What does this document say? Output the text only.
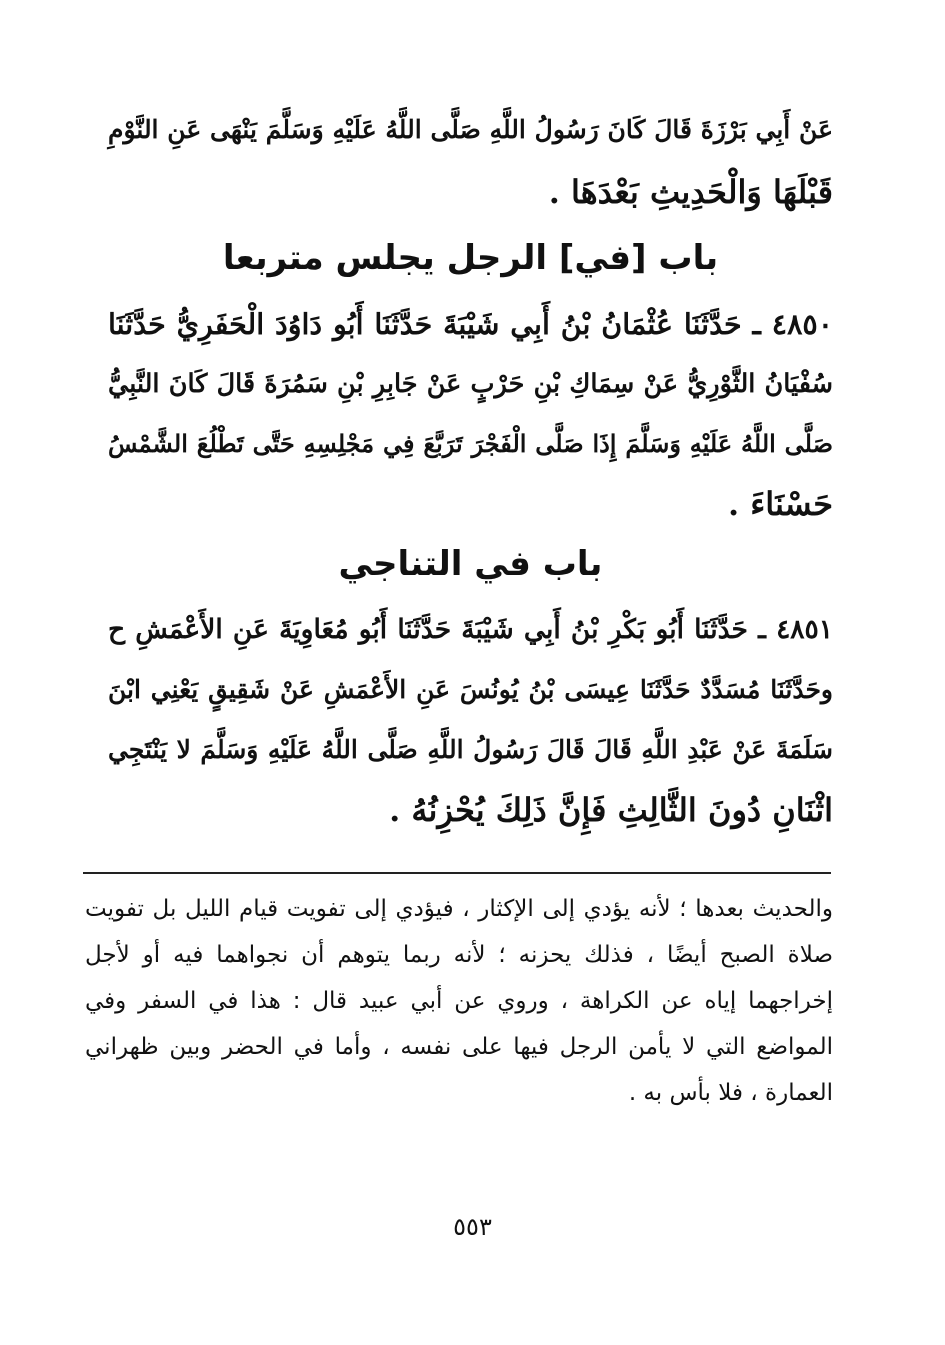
عَنْ أَبِي بَرْزَةَ قَالَ كَانَ رَسُولُ اللَّهِ صَلَّى اللَّهُ عَلَيْهِ وَسَلَّمَ يَنْهَى عَنِ النَّوْمِ
قَبْلَهَا وَالْحَدِيثِ بَعْدَهَا .
باب [في] الرجل يجلس متربعا
٤٨٥٠ ـ حَدَّثَنَا عُثْمَانُ بْنُ أَبِي شَيْبَةَ حَدَّثَنَا أَبُو دَاوُدَ الْحَفَرِيُّ حَدَّثَنَا
سُفْيَانُ الثَّوْرِيُّ عَنْ سِمَاكِ بْنِ حَرْبٍ عَنْ جَابِرِ بْنِ سَمُرَةَ قَالَ كَانَ النَّبِيُّ
صَلَّى اللَّهُ عَلَيْهِ وَسَلَّمَ إِذَا صَلَّى الْفَجْرَ تَرَبَّعَ فِي مَجْلِسِهِ حَتَّى تَطْلُعَ الشَّمْسُ
حَسْنَاءَ .
باب في التناجي
٤٨٥١ ـ حَدَّثَنَا أَبُو بَكْرِ بْنُ أَبِي شَيْبَةَ حَدَّثَنَا أَبُو مُعَاوِيَةَ عَنِ الأَعْمَشِ ح
وحَدَّثَنَا مُسَدَّدٌ حَدَّثَنَا عِيسَى بْنُ يُونُسَ عَنِ الأَعْمَشِ عَنْ شَقِيقٍ يَعْنِي ابْنَ
سَلَمَةَ عَنْ عَبْدِ اللَّهِ قَالَ قَالَ رَسُولُ اللَّهِ صَلَّى اللَّهُ عَلَيْهِ وَسَلَّمَ لا يَنْتَجِي
اثْنَانِ دُونَ الثَّالِثِ فَإِنَّ ذَلِكَ يُحْزِنُهُ .
والحديث بعدها ؛ لأنه يؤدي إلى الإكثار ، فيؤدي إلى تفويت قيام الليل بل تفويت
صلاة الصبح أيضًا ، فذلك يحزنه ؛ لأنه ربما يتوهم أن نجواهما فيه أو لأجل
إخراجهما إياه عن الكراهة ، وروي عن أبي عبيد قال : هذا في السفر وفي
المواضع التي لا يأمن الرجل فيها على نفسه ، وأما في الحضر وبين ظهراني
العمارة ، فلا بأس به .
٥٥٣
